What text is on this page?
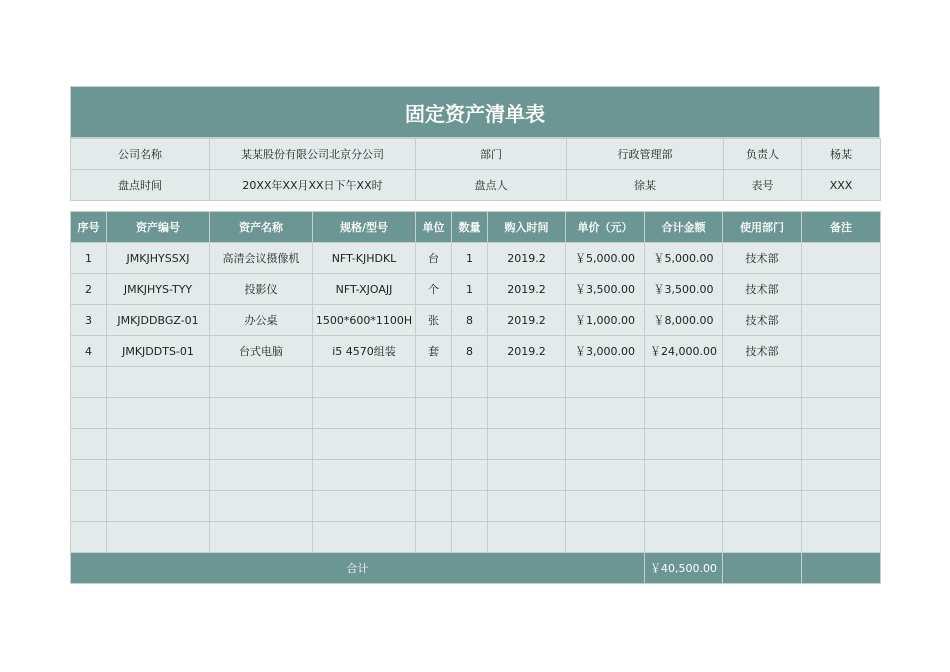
固定资产清单表
公司名称	某某股份有限公司北京分公司	部门	行政管理部	负责人	杨某
盘点时间	20XX年XX月XX日下午XX时	盘点人	徐某	表号	XXX
序号	资产编号	资产名称	规格/型号	单位	数量	购入时间	单价（元）	合计金额	使用部门	备注
1	JMKJHYSSXJ	高清会议摄像机	NFT-KJHDKL	台	1	2019.2	￥5,000.00	￥5,000.00	技术部	
2	JMKJHYS-TYY	投影仪	NFT-XJOAJJ	个	1	2019.2	￥3,500.00	￥3,500.00	技术部	
3	JMKJDDBGZ-01	办公桌	1500*600*1100H	张	8	2019.2	￥1,000.00	￥8,000.00	技术部	
4	JMKJDDTS-01	台式电脑	i5 4570组装	套	8	2019.2	￥3,000.00	￥24,000.00	技术部	

合计								￥40,500.00		
